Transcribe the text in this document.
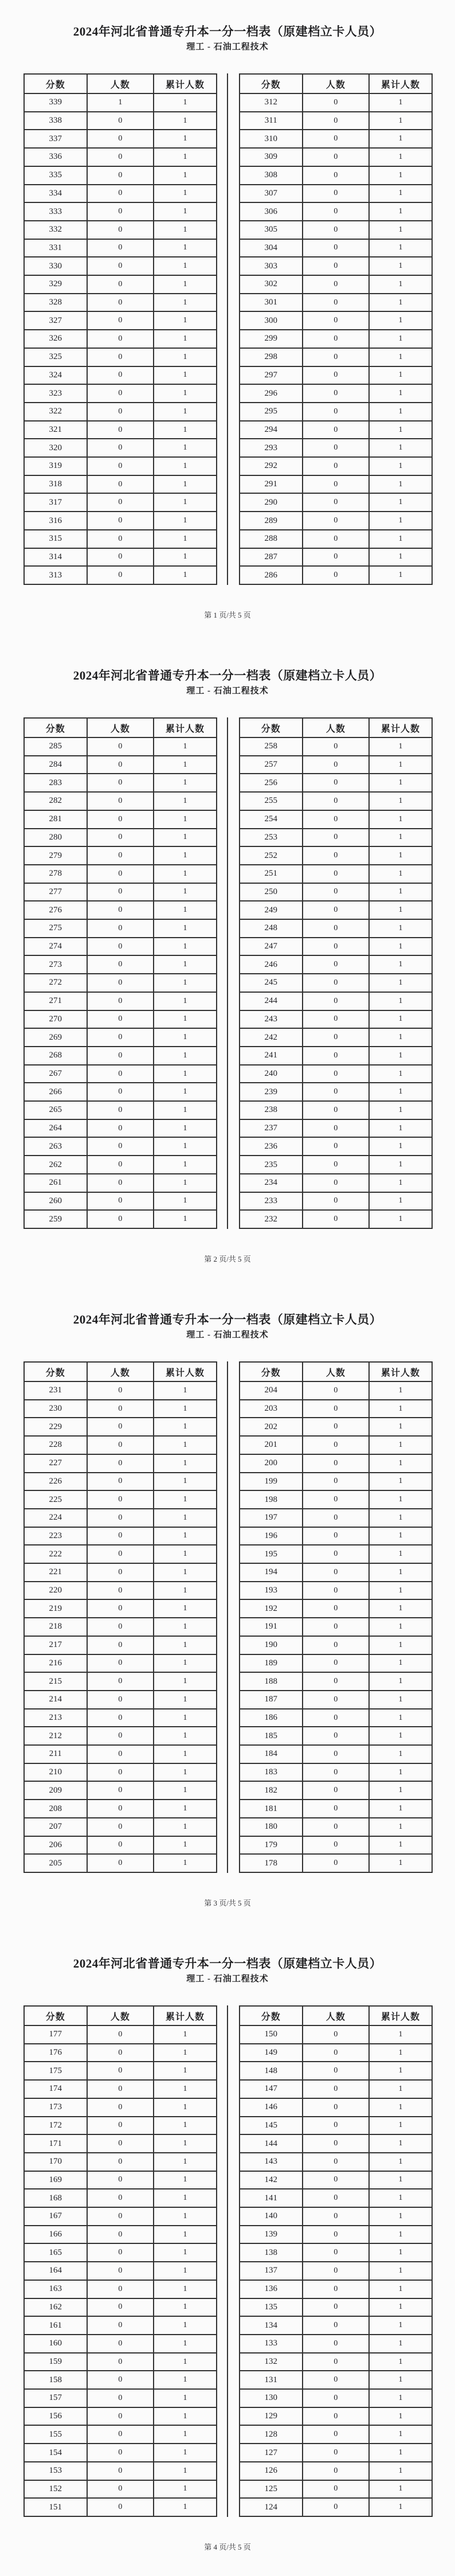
2024年河北省普通专升本一分一档表（原建档立卡人员）
理工 - 石油工程技术
分数	人数	累计人数
339	1	1
338	0	1
337	0	1
336	0	1
335	0	1
334	0	1
333	0	1
332	0	1
331	0	1
330	0	1
329	0	1
328	0	1
327	0	1
326	0	1
325	0	1
324	0	1
323	0	1
322	0	1
321	0	1
320	0	1
319	0	1
318	0	1
317	0	1
316	0	1
315	0	1
314	0	1
313	0	1
分数	人数	累计人数
312	0	1
311	0	1
310	0	1
309	0	1
308	0	1
307	0	1
306	0	1
305	0	1
304	0	1
303	0	1
302	0	1
301	0	1
300	0	1
299	0	1
298	0	1
297	0	1
296	0	1
295	0	1
294	0	1
293	0	1
292	0	1
291	0	1
290	0	1
289	0	1
288	0	1
287	0	1
286	0	1
第 1 页/共 5 页
2024年河北省普通专升本一分一档表（原建档立卡人员）
理工 - 石油工程技术
分数	人数	累计人数
285	0	1
284	0	1
283	0	1
282	0	1
281	0	1
280	0	1
279	0	1
278	0	1
277	0	1
276	0	1
275	0	1
274	0	1
273	0	1
272	0	1
271	0	1
270	0	1
269	0	1
268	0	1
267	0	1
266	0	1
265	0	1
264	0	1
263	0	1
262	0	1
261	0	1
260	0	1
259	0	1
分数	人数	累计人数
258	0	1
257	0	1
256	0	1
255	0	1
254	0	1
253	0	1
252	0	1
251	0	1
250	0	1
249	0	1
248	0	1
247	0	1
246	0	1
245	0	1
244	0	1
243	0	1
242	0	1
241	0	1
240	0	1
239	0	1
238	0	1
237	0	1
236	0	1
235	0	1
234	0	1
233	0	1
232	0	1
第 2 页/共 5 页
2024年河北省普通专升本一分一档表（原建档立卡人员）
理工 - 石油工程技术
分数	人数	累计人数
231	0	1
230	0	1
229	0	1
228	0	1
227	0	1
226	0	1
225	0	1
224	0	1
223	0	1
222	0	1
221	0	1
220	0	1
219	0	1
218	0	1
217	0	1
216	0	1
215	0	1
214	0	1
213	0	1
212	0	1
211	0	1
210	0	1
209	0	1
208	0	1
207	0	1
206	0	1
205	0	1
分数	人数	累计人数
204	0	1
203	0	1
202	0	1
201	0	1
200	0	1
199	0	1
198	0	1
197	0	1
196	0	1
195	0	1
194	0	1
193	0	1
192	0	1
191	0	1
190	0	1
189	0	1
188	0	1
187	0	1
186	0	1
185	0	1
184	0	1
183	0	1
182	0	1
181	0	1
180	0	1
179	0	1
178	0	1
第 3 页/共 5 页
2024年河北省普通专升本一分一档表（原建档立卡人员）
理工 - 石油工程技术
分数	人数	累计人数
177	0	1
176	0	1
175	0	1
174	0	1
173	0	1
172	0	1
171	0	1
170	0	1
169	0	1
168	0	1
167	0	1
166	0	1
165	0	1
164	0	1
163	0	1
162	0	1
161	0	1
160	0	1
159	0	1
158	0	1
157	0	1
156	0	1
155	0	1
154	0	1
153	0	1
152	0	1
151	0	1
分数	人数	累计人数
150	0	1
149	0	1
148	0	1
147	0	1
146	0	1
145	0	1
144	0	1
143	0	1
142	0	1
141	0	1
140	0	1
139	0	1
138	0	1
137	0	1
136	0	1
135	0	1
134	0	1
133	0	1
132	0	1
131	0	1
130	0	1
129	0	1
128	0	1
127	0	1
126	0	1
125	0	1
124	0	1
第 4 页/共 5 页
